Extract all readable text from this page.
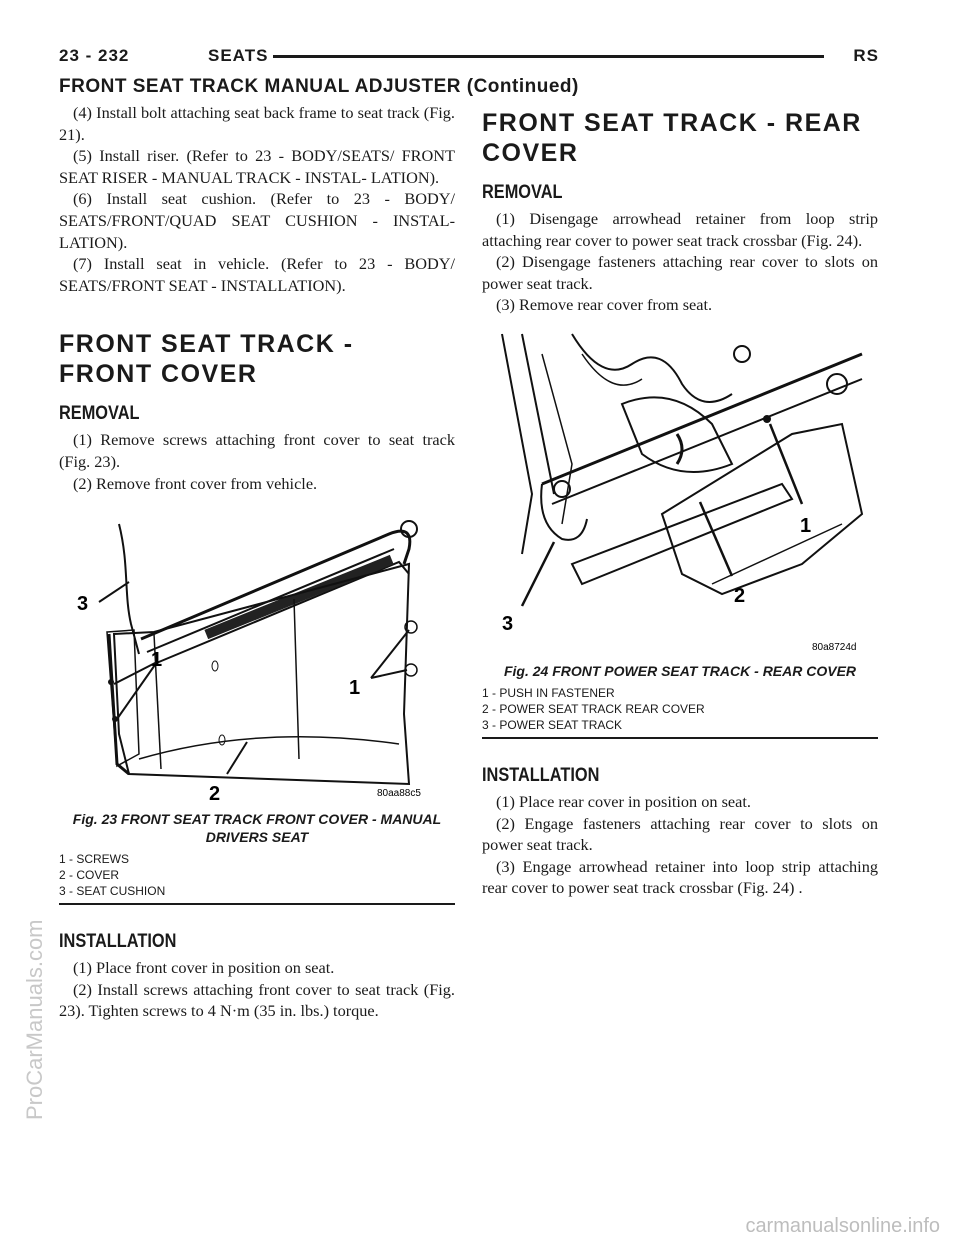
23 - 232	SEATS	RS
FRONT SEAT TRACK MANUAL ADJUSTER (Continued)

(4) Install bolt attaching seat back frame to seat track (Fig. 21).

(5) Install riser. (Refer to 23 - BODY/SEATS/ FRONT SEAT RISER - MANUAL TRACK - INSTAL- LATION).

(6) Install seat cushion. (Refer to 23 - BODY/ SEATS/FRONT/QUAD SEAT CUSHION - INSTAL- LATION).

(7) Install seat in vehicle. (Refer to 23 - BODY/ SEATS/FRONT SEAT - INSTALLATION).

FRONT SEAT TRACK - FRONT COVER
REMOVAL

(1) Remove screws attaching front cover to seat track (Fig. 23).

(2) Remove front cover from vehicle.

3
1
1
2	80aa88c5
Fig. 23 FRONT SEAT TRACK FRONT COVER - MANUAL DRIVERS SEAT
1 - SCREWS
2 - COVER
3 - SEAT CUSHION
INSTALLATION

(1) Place front cover in position on seat.

(2) Install screws attaching front cover to seat track (Fig. 23). Tighten screws to 4 N·m (35 in. lbs.) torque.

FRONT SEAT TRACK - REAR COVER
REMOVAL

(1) Disengage arrowhead retainer from loop strip attaching rear cover to power seat track crossbar (Fig. 24).

(2) Disengage fasteners attaching rear cover to slots on power seat track.

(3) Remove rear cover from seat.

1
2
3
80a8724d
Fig. 24 FRONT POWER SEAT TRACK - REAR COVER
1 - PUSH IN FASTENER
2 - POWER SEAT TRACK REAR COVER
3 - POWER SEAT TRACK
INSTALLATION

(1) Place rear cover in position on seat.

(2) Engage fasteners attaching rear cover to slots on power seat track.

(3) Engage arrowhead retainer into loop strip attaching rear cover to power seat track crossbar (Fig. 24) .

ProCarManuals.com
carmanualsonline.info
